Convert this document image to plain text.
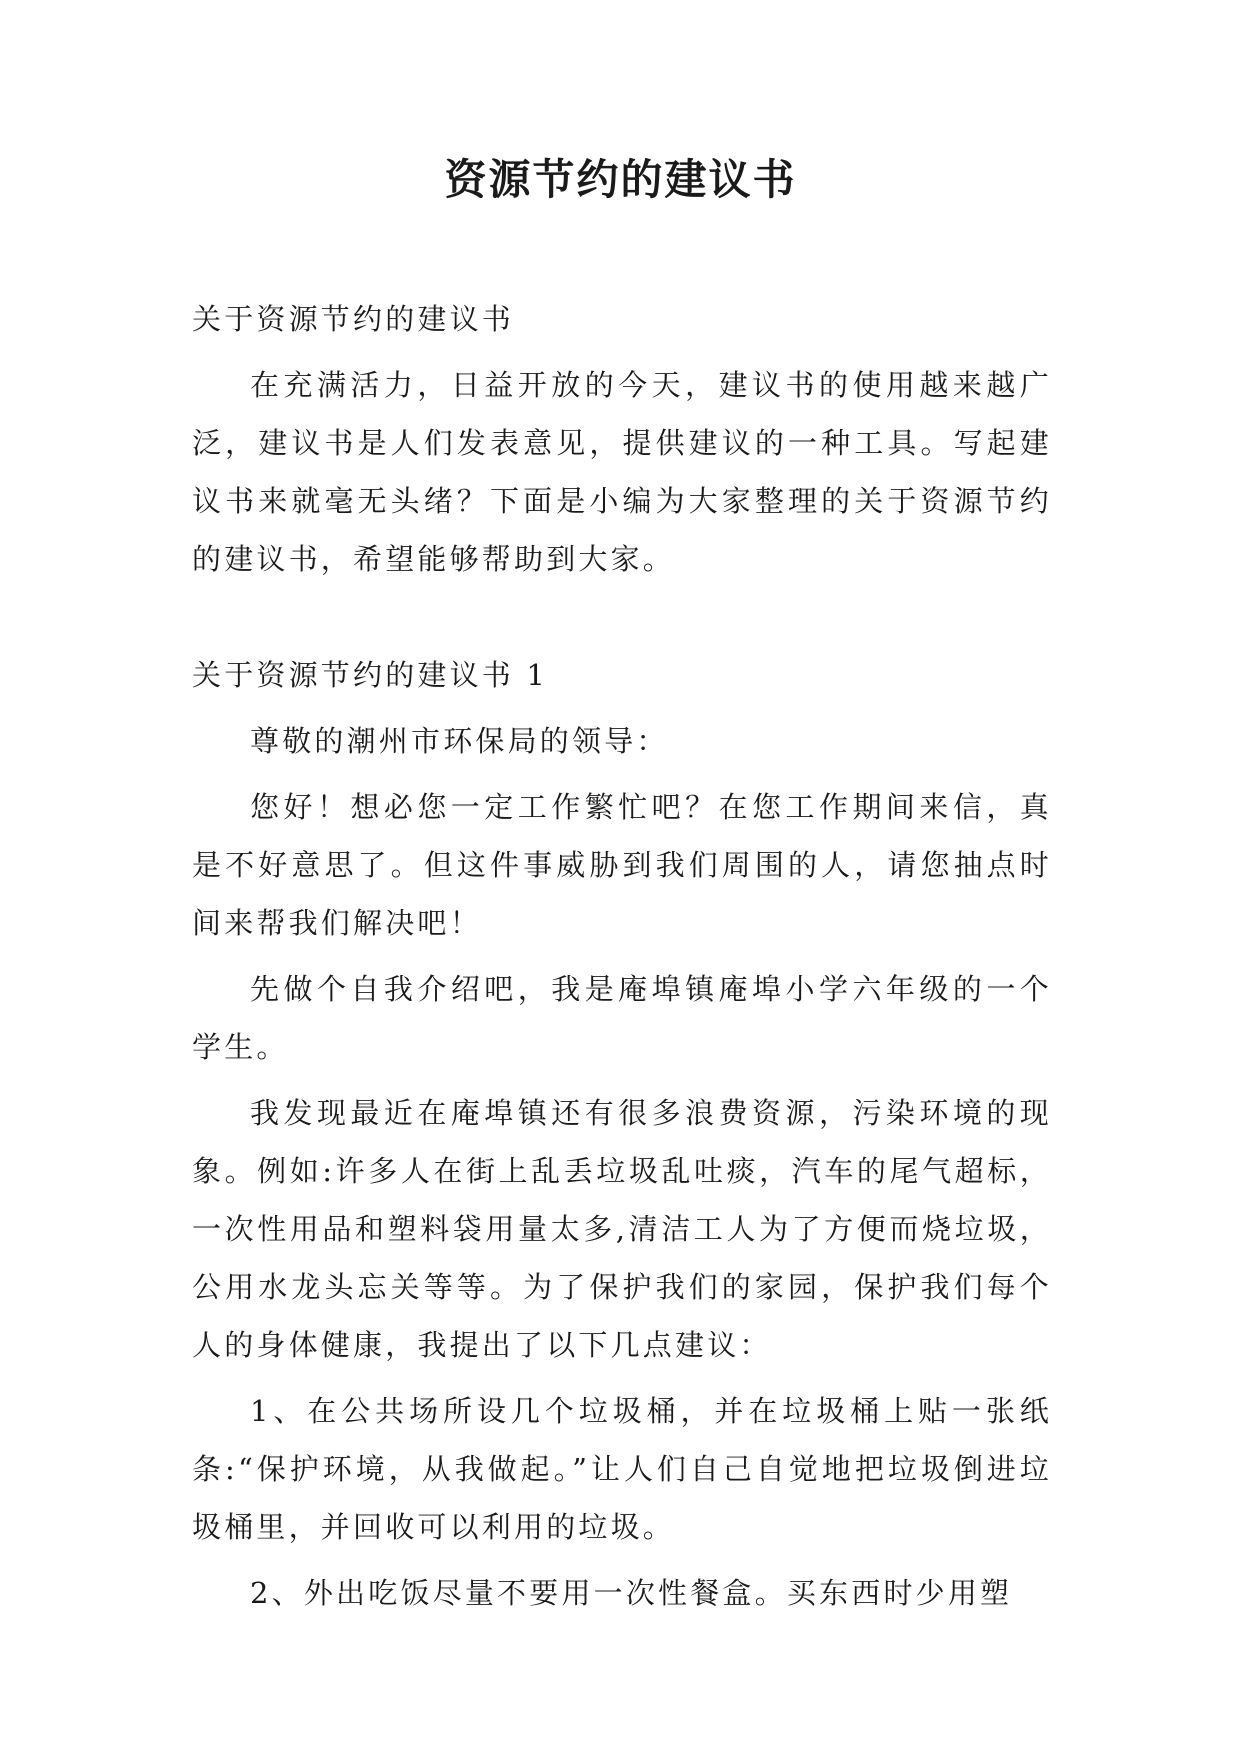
资源节约的建议书

关于资源节约的建议书

在充满活力，日益开放的今天，建议书的使用越来越广泛，建议书是人们发表意见，提供建议的一种工具。写起建议书来就毫无头绪？下面是小编为大家整理的关于资源节约的建议书，希望能够帮助到大家。

关于资源节约的建议书 1

尊敬的潮州市环保局的领导：

您好！想必您一定工作繁忙吧？在您工作期间来信，真是不好意思了。但这件事威胁到我们周围的人，请您抽点时间来帮我们解决吧！

先做个自我介绍吧，我是庵埠镇庵埠小学六年级的一个学生。

我发现最近在庵埠镇还有很多浪费资源，污染环境的现象。例如:许多人在街上乱丢垃圾乱吐痰，汽车的尾气超标，一次性用品和塑料袋用量太多,清洁工人为了方便而烧垃圾，公用水龙头忘关等等。为了保护我们的家园，保护我们每个人的身体健康，我提出了以下几点建议：

1、在公共场所设几个垃圾桶，并在垃圾桶上贴一张纸条:“保护环境，从我做起。”让人们自己自觉地把垃圾倒进垃圾桶里，并回收可以利用的垃圾。

2、外出吃饭尽量不要用一次性餐盒。买东西时少用塑
